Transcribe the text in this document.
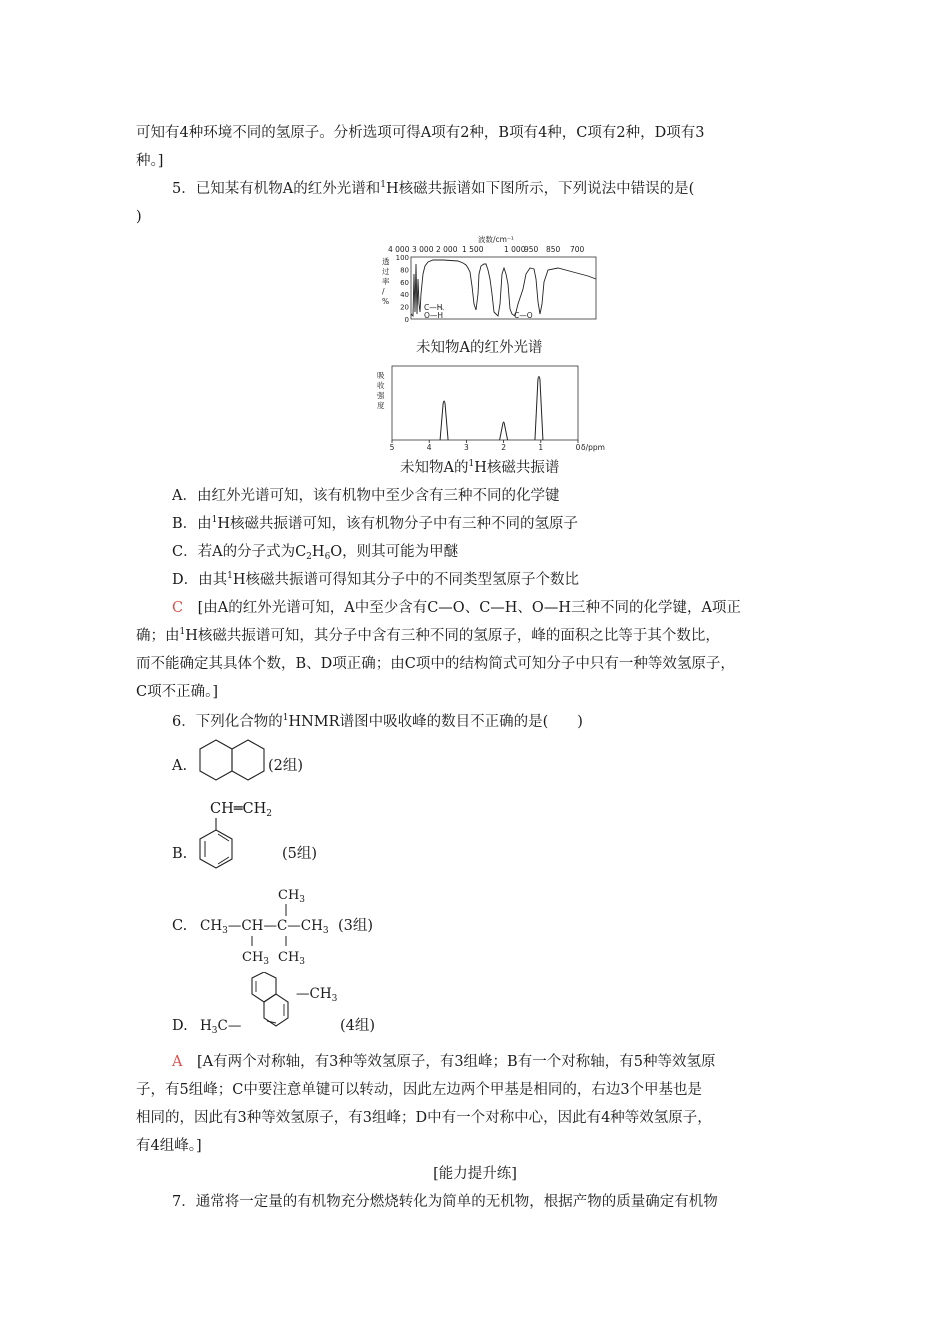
可知有4种环境不同的氢原子。分析选项可得A项有2种，B项有4种，C项有2种，D项有3
种。]
5．已知某有机物A的红外光谱和$^1$H核磁共振谱如下图所示，下列说法中错误的是(
)
波数/cm⁻¹
4 000 3 000 2 000 1 500	1 000
950 850 700
透
过
率
/
%
100
80
60
40
20
0
C—H
O—H	C—O
未知物A的红外光谱
吸
收
强
度
5	4	3	2	1	0 δ/ppm
未知物A的$^1$H核磁共振谱
A．由红外光谱可知，该有机物中至少含有三种不同的化学键
B．由$^1$H核磁共振谱可知，该有机物分子中有三种不同的氢原子
C．若A的分子式为$C_2H_6O$，则其可能为甲醚
D．由其$^1$H核磁共振谱可得知其分子中的不同类型氢原子个数比
C　 [由A的红外光谱可知，A中至少含有C—O、C—H、O—H三种不同的化学键，A项正
确；由$^1$H核磁共振谱可知，其分子中含有三种不同的氢原子，峰的面积之比等于其个数比，
而不能确定其具体个数，B、D项正确；由C项中的结构简式可知分子中只有一种等效氢原子，
C项不正确。]
6．下列化合物的$^1$HNMR谱图中吸收峰的数目不正确的是(　　)
A.	(2组)
$CH═CH_2$
B.	(5组)
C.
$CH_3$
$CH_3—CH—C—CH_3$
$CH_3$ $CH_3$
(3组)
D. $H_3C—$
$—CH_3$
(4组)
A　 [A有两个对称轴，有3种等效氢原子，有3组峰；B有一个对称轴，有5种等效氢原
子，有5组峰；C中要注意单键可以转动，因此左边两个甲基是相同的，右边3个甲基也是
相同的，因此有3种等效氢原子，有3组峰；D中有一个对称中心，因此有4种等效氢原子，
有4组峰。]
[能力提升练]
7．通常将一定量的有机物充分燃烧转化为简单的无机物，根据产物的质量确定有机物
